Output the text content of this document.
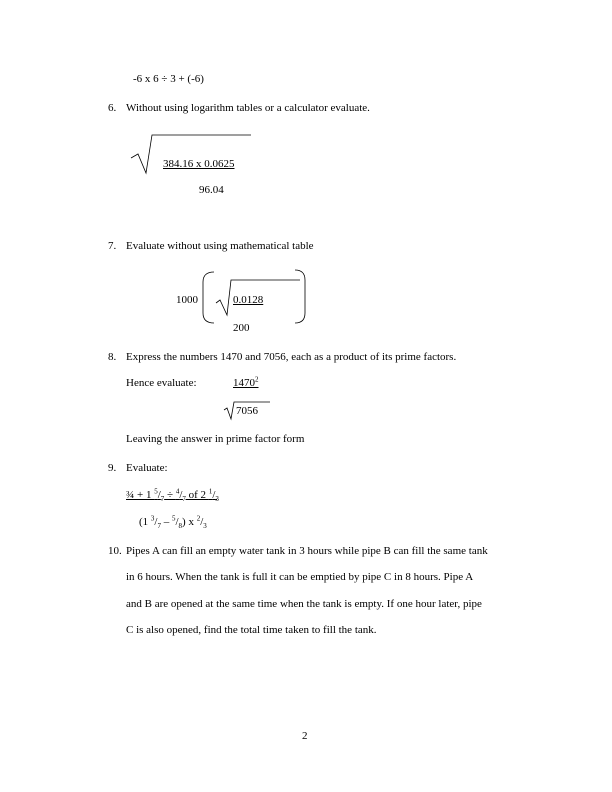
-6 x 6 ÷ 3 + (-6)
6. Without using logarithm tables or a calculator evaluate.
384.16 x 0.0625
96.04
7. Evaluate without using mathematical table
1000	0.0128
200
8. Express the numbers 1470 and 7056, each as a product of its prime factors.
Hence evaluate:	1470$^2$
7056
Leaving the answer in prime factor form
9. Evaluate:
¾ + 1 $^5/_7 \div ^4/_7$ of 2 $^1/_3$
(1 $^3/_7 - ^5/_8$) x $^2/_3$
10. Pipes A can fill an empty water tank in 3 hours while pipe B can fill the same tank
in 6 hours. When the tank is full it can be emptied by pipe C in 8 hours. Pipe A
and B are opened at the same time when the tank is empty. If one hour later, pipe
C is also opened, find the total time taken to fill the tank.
2
